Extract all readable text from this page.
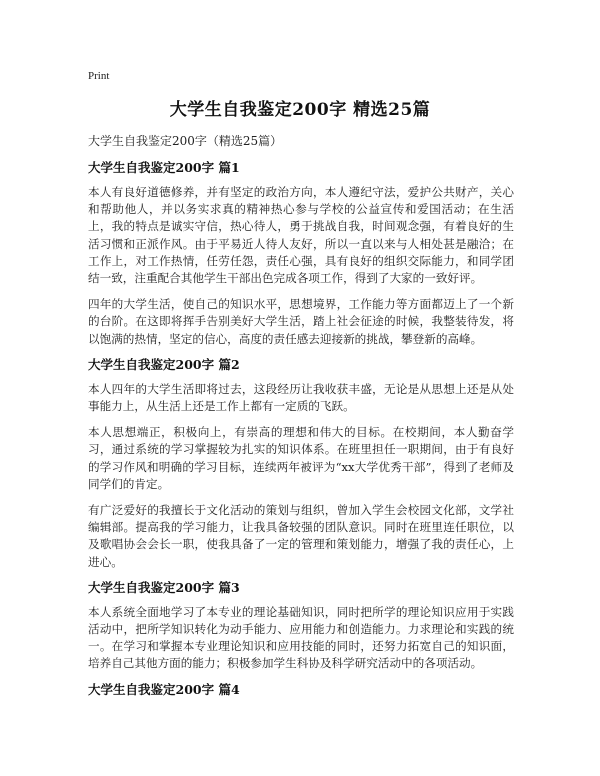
Print
大学生自我鉴定200字 精选25篇
大学生自我鉴定200字（精选25篇）
大学生自我鉴定200字 篇1

本人有良好道德修养，并有坚定的政治方向，本人遵纪守法，爱护公共财产，关心和帮助他人，并以务实求真的精神热心参与学校的公益宣传和爱国活动；在生活上，我的特点是诚实守信，热心待人，勇于挑战自我，时间观念强，有着良好的生活习惯和正派作风。由于平易近人待人友好，所以一直以来与人相处甚是融洽；在工作上，对工作热情，任劳任怨，责任心强，具有良好的组织交际能力，和同学团结一致，注重配合其他学生干部出色完成各项工作，得到了大家的一致好评。

四年的大学生活，使自己的知识水平，思想境界，工作能力等方面都迈上了一个新的台阶。在这即将挥手告别美好大学生活，踏上社会征途的时候，我整装待发，将以饱满的热情，坚定的信心，高度的责任感去迎接新的挑战，攀登新的高峰。

大学生自我鉴定200字 篇2

本人四年的大学生活即将过去，这段经历让我收获丰盛，无论是从思想上还是从处事能力上，从生活上还是工作上都有一定质的飞跃。

本人思想端正，积极向上，有崇高的理想和伟大的目标。在校期间，本人勤奋学习，通过系统的学习掌握较为扎实的知识体系。在班里担任一职期间，由于有良好的学习作风和明确的学习目标，连续两年被评为“xx大学优秀干部”，得到了老师及同学们的肯定。

有广泛爱好的我擅长于文化活动的策划与组织，曾加入学生会校园文化部，文学社编辑部。提高我的学习能力，让我具备较强的团队意识。同时在班里连任职位，以及歌唱协会会长一职，使我具备了一定的管理和策划能力，增强了我的责任心，上进心。

大学生自我鉴定200字 篇3

本人系统全面地学习了本专业的理论基础知识，同时把所学的理论知识应用于实践活动中，把所学知识转化为动手能力、应用能力和创造能力。力求理论和实践的统一。在学习和掌握本专业理论知识和应用技能的同时，还努力拓宽自己的知识面，培养自己其他方面的能力；积极参加学生科协及科学研究活动中的各项活动。

大学生自我鉴定200字 篇4
